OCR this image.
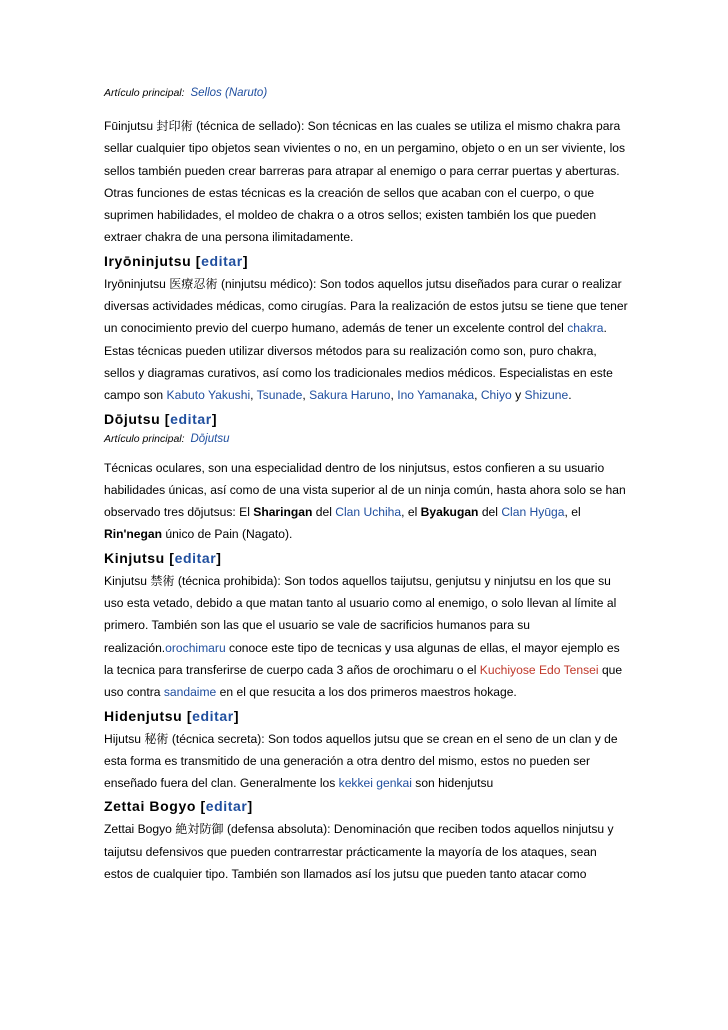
Artículo principal: Sellos (Naruto)

Fūinjutsu 封印術 (técnica de sellado): Son técnicas en las cuales se utiliza el mismo chakra para sellar cualquier tipo objetos sean vivientes o no, en un pergamino, objeto o en un ser viviente, los sellos también pueden crear barreras para atrapar al enemigo o para cerrar puertas y aberturas. Otras funciones de estas técnicas es la creación de sellos que acaban con el cuerpo, o que suprimen habilidades, el moldeo de chakra o a otros sellos; existen también los que pueden extraer chakra de una persona ilimitadamente.

Iryōninjutsu [editar]

Iryōninjutsu 医療忍術 (ninjutsu médico): Son todos aquellos jutsu diseñados para curar o realizar diversas actividades médicas, como cirugías. Para la realización de estos jutsu se tiene que tener un conocimiento previo del cuerpo humano, además de tener un excelente control del chakra. Estas técnicas pueden utilizar diversos métodos para su realización como son, puro chakra, sellos y diagramas curativos, así como los tradicionales medios médicos. Especialistas en este campo son Kabuto Yakushi, Tsunade, Sakura Haruno, Ino Yamanaka, Chiyo y Shizune.

Dōjutsu [editar]
Artículo principal: Dōjutsu

Técnicas oculares, son una especialidad dentro de los ninjutsus, estos confieren a su usuario habilidades únicas, así como de una vista superior al de un ninja común, hasta ahora solo se han observado tres dōjutsus: El Sharingan del Clan Uchiha, el Byakugan del Clan Hyūga, el Rin'negan único de Pain (Nagato).

Kinjutsu [editar]

Kinjutsu 禁術 (técnica prohibida): Son todos aquellos taijutsu, genjutsu y ninjutsu en los que su uso esta vetado, debido a que matan tanto al usuario como al enemigo, o solo llevan al límite al primero. También son las que el usuario se vale de sacrificios humanos para su realización.orochimaru conoce este tipo de tecnicas y usa algunas de ellas, el mayor ejemplo es la tecnica para transferirse de cuerpo cada 3 años de orochimaru o el Kuchiyose Edo Tensei que uso contra sandaime en el que resucita a los dos primeros maestros hokage.

Hidenjutsu [editar]

Hijutsu 秘術 (técnica secreta): Son todos aquellos jutsu que se crean en el seno de un clan y de esta forma es transmitido de una generación a otra dentro del mismo, estos no pueden ser enseñado fuera del clan. Generalmente los kekkei genkai son hidenjutsu

Zettai Bogyo [editar]

Zettai Bogyo 絶対防御 (defensa absoluta): Denominación que reciben todos aquellos ninjutsu y taijutsu defensivos que pueden contrarrestar prácticamente la mayoría de los ataques, sean estos de cualquier tipo. También son llamados así los jutsu que pueden tanto atacar como
